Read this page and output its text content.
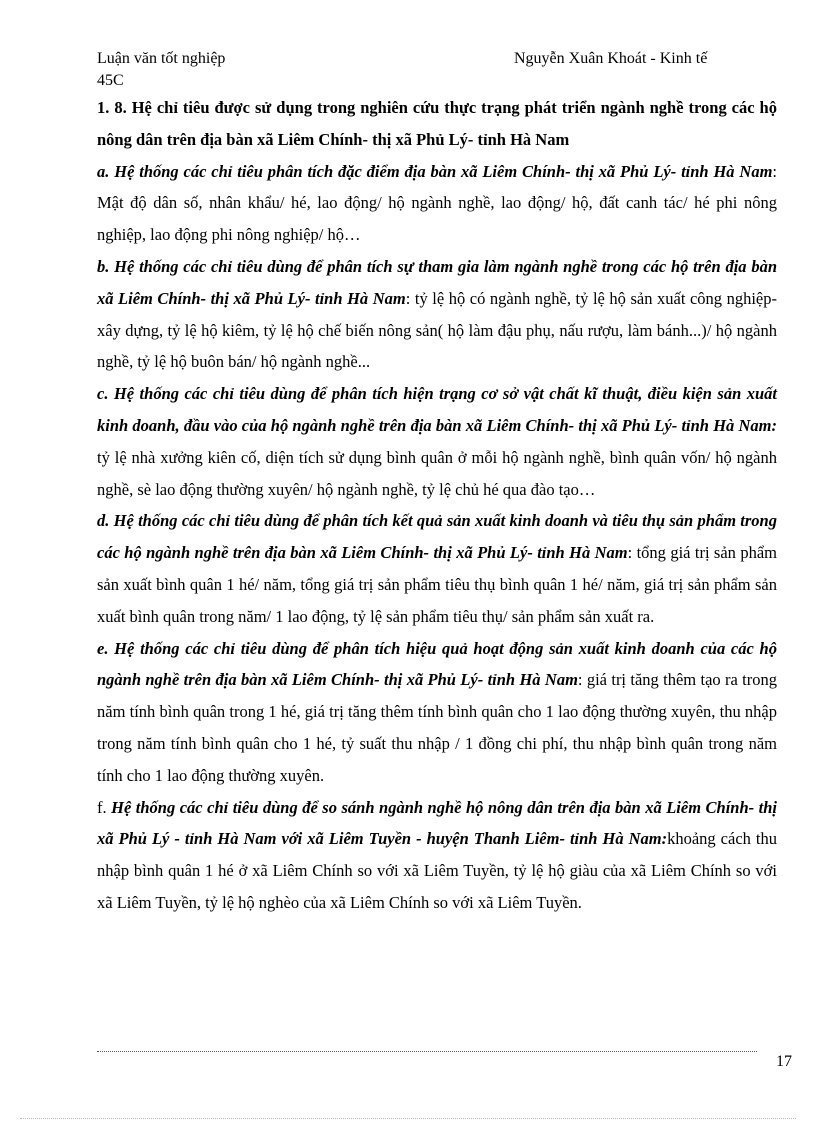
Luận văn tốt nghiệp	Nguyễn Xuân Khoát - Kinh tế
45C

1. 8. Hệ chỉ tiêu được sử dụng trong nghiên cứu thực trạng phát triển ngành nghề trong các hộ nông dân trên địa bàn xã Liêm Chính- thị xã Phủ Lý- tỉnh Hà Nam

a. Hệ thống các chỉ tiêu phân tích đặc điểm địa bàn xã Liêm Chính- thị xã Phủ Lý- tỉnh Hà Nam: Mật độ dân số, nhân khẩu/ hé, lao động/ hộ ngành nghề, lao động/ hộ, đất canh tác/ hé phi nông nghiệp, lao động phi nông nghiệp/ hộ…

b. Hệ thống các chỉ tiêu dùng để phân tích sự tham gia làm ngành nghề trong các hộ trên địa bàn xã Liêm Chính- thị xã Phủ Lý- tỉnh Hà Nam: tỷ lệ hộ có ngành nghề, tỷ lệ hộ sản xuất công nghiệp- xây dựng, tỷ lệ hộ kiêm, tỷ lệ hộ chế biến nông sản( hộ làm đậu phụ, nấu rượu, làm bánh...)/ hộ ngành nghề, tỷ lệ hộ buôn bán/ hộ ngành nghề...

c. Hệ thống các chỉ tiêu dùng để phân tích hiện trạng cơ sở vật chất kĩ thuật, điều kiện sản xuất kinh doanh, đầu vào của hộ ngành nghề trên địa bàn xã Liêm Chính- thị xã Phủ Lý- tỉnh Hà Nam: tỷ lệ nhà xưởng kiên cố, diện tích sử dụng bình quân ở mỗi hộ ngành nghề, bình quân vốn/ hộ ngành nghề, sè lao động thường xuyên/ hộ ngành nghề, tỷ lệ chủ hé qua đào tạo…

d. Hệ thống các chỉ tiêu dùng để phân tích kết quả sản xuất kinh doanh và tiêu thụ sản phẩm trong các hộ ngành nghề trên địa bàn xã Liêm Chính- thị xã Phủ Lý- tỉnh Hà Nam: tổng giá trị sản phẩm sản xuất bình quân 1 hé/ năm, tổng giá trị sản phẩm tiêu thụ bình quân 1 hé/ năm, giá trị sản phẩm sản xuất bình quân trong năm/ 1 lao động, tỷ lệ sản phẩm tiêu thụ/ sản phẩm sản xuất ra.

e. Hệ thống các chỉ tiêu dùng để phân tích hiệu quả hoạt động sản xuất kinh doanh của các hộ ngành nghề trên địa bàn xã Liêm Chính- thị xã Phủ Lý- tỉnh Hà Nam: giá trị tăng thêm tạo ra trong năm tính bình quân trong 1 hé, giá trị tăng thêm tính bình quân cho 1 lao động thường xuyên, thu nhập trong năm tính bình quân cho 1 hé, tỷ suất thu nhập / 1 đồng chi phí, thu nhập bình quân trong năm tính cho 1 lao động thường xuyên.

f. Hệ thống các chỉ tiêu dùng để so sánh ngành nghề hộ nông dân trên địa bàn xã Liêm Chính- thị xã Phủ Lý - tỉnh Hà Nam với xã Liêm Tuyền - huyện Thanh Liêm- tỉnh Hà Nam:khoảng cách thu nhập bình quân 1 hé ở xã Liêm Chính so với xã Liêm Tuyền, tỷ lệ hộ giàu của xã Liêm Chính so với xã Liêm Tuyền, tỷ lệ hộ nghèo của xã Liêm Chính so với xã Liêm Tuyền.

17
